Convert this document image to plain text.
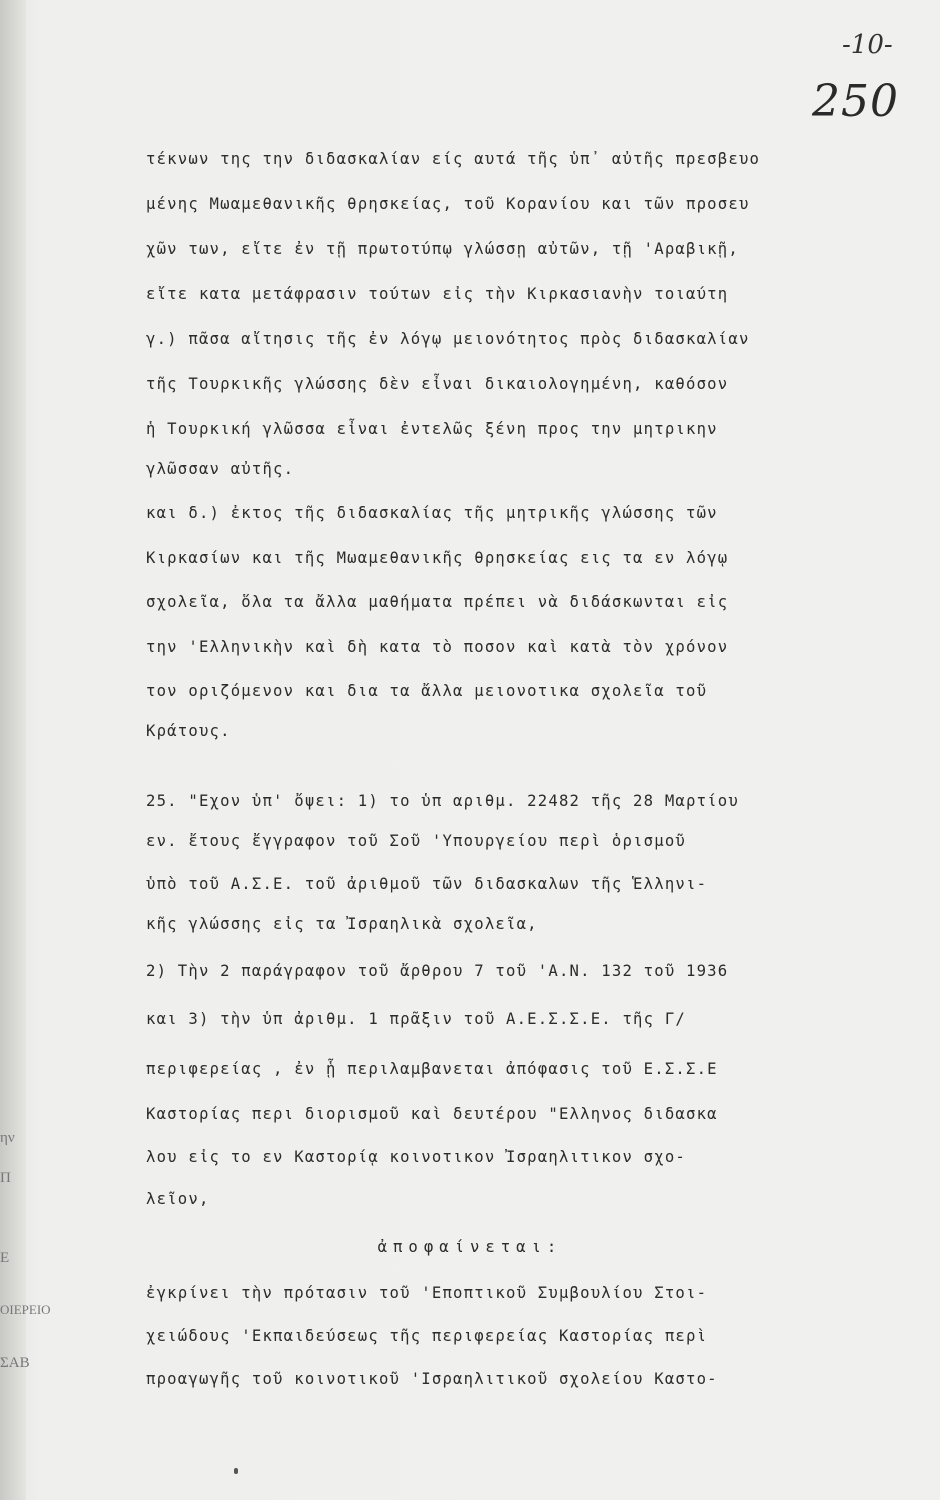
ην
Π
Ε
ΟΙΕΡΕΙΟ
ΣΑΒ
-10-
250
τέκνων της την διδασκαλίαν είς αυτά τῆς ὑπ᾿ αὐτῆς πρεσβευο
μένης Μωαμεθανικῆς θρησκείας, τοῦ Κορανίου και τῶν προσευ
χῶν των, εἴτε ἐν τῇ πρωτοτύπῳ γλώσσῃ αὐτῶν, τῇ 'Αραβικῇ,
εἴτε κατα μετάφρασιν τούτων εἰς τὴν Κιρκασιανὴν τοιαύτη
γ.) πᾶσα αἴτησις τῆς ἐν λόγῳ μειονότητος πρὸς διδασκαλίαν
τῆς Τουρκικῆς γλώσσης δὲν εἶναι δικαιολογημένη, καθόσον
ἡ Τουρκική γλῶσσα εἶναι ἐντελῶς ξένη προς την μητρικην
γλῶσσαν αὐτῆς.
και δ.) ἐκτος τῆς διδασκαλίας τῆς μητρικῆς γλώσσης τῶν
Κιρκασίων και τῆς Μωαμεθανικῆς θρησκείας εις τα εν λόγῳ
σχολεῖα, ὅλα τα ἄλλα μαθήματα πρέπει νὰ διδάσκωνται εἰς
την 'Ελληνικὴν καὶ δὴ κατα τὸ ποσον καὶ κατὰ τὸν χρόνον
τον οριζόμενον και δια τα ἄλλα μειονοτικα σχολεῖα τοῦ
Κράτους.
25. "Εχον ὑπ' ὄψει: 1) το ὑπ αριθμ. 22482 τῆς 28 Μαρτίου
εν. ἔτους ἔγγραφον τοῦ Σοῦ 'Υπουργείου περὶ ὁρισμοῦ
ὑπὸ τοῦ Α.Σ.Ε. τοῦ ἀριθμοῦ τῶν διδασκαλων τῆς Ἑλληνι-
κῆς γλώσσης εἰς τα Ἰσραηλικὰ σχολεῖα,
2) Τὴν 2 παράγραφον τοῦ ἄρθρου 7 τοῦ 'Α.Ν. 132 τοῦ 1936
και 3) τὴν ὑπ ἀριθμ. 1 πρᾶξιν τοῦ Α.Ε.Σ.Σ.Ε. τῆς Γ/
περιφερείας , ἐν ᾗ περιλαμβανεται ἀπόφασις τοῦ Ε.Σ.Σ.Ε
Καστορίας περι διορισμοῦ καὶ δευτέρου "Ελληνος διδασκα
λου εἰς το εν Καστορίᾳ κοινοτικον Ἰσραηλιτικον σχο-
λεῖον,
ἀποφαίνεται:
ἐγκρίνει τὴν πρότασιν τοῦ 'Εποπτικοῦ Συμβουλίου Στοι-
χειώδους 'Εκπαιδεύσεως τῆς περιφερείας Καστορίας περὶ
προαγωγῆς τοῦ κοινοτικοῦ 'Ισραηλιτικοῦ σχολείου Καστο-
